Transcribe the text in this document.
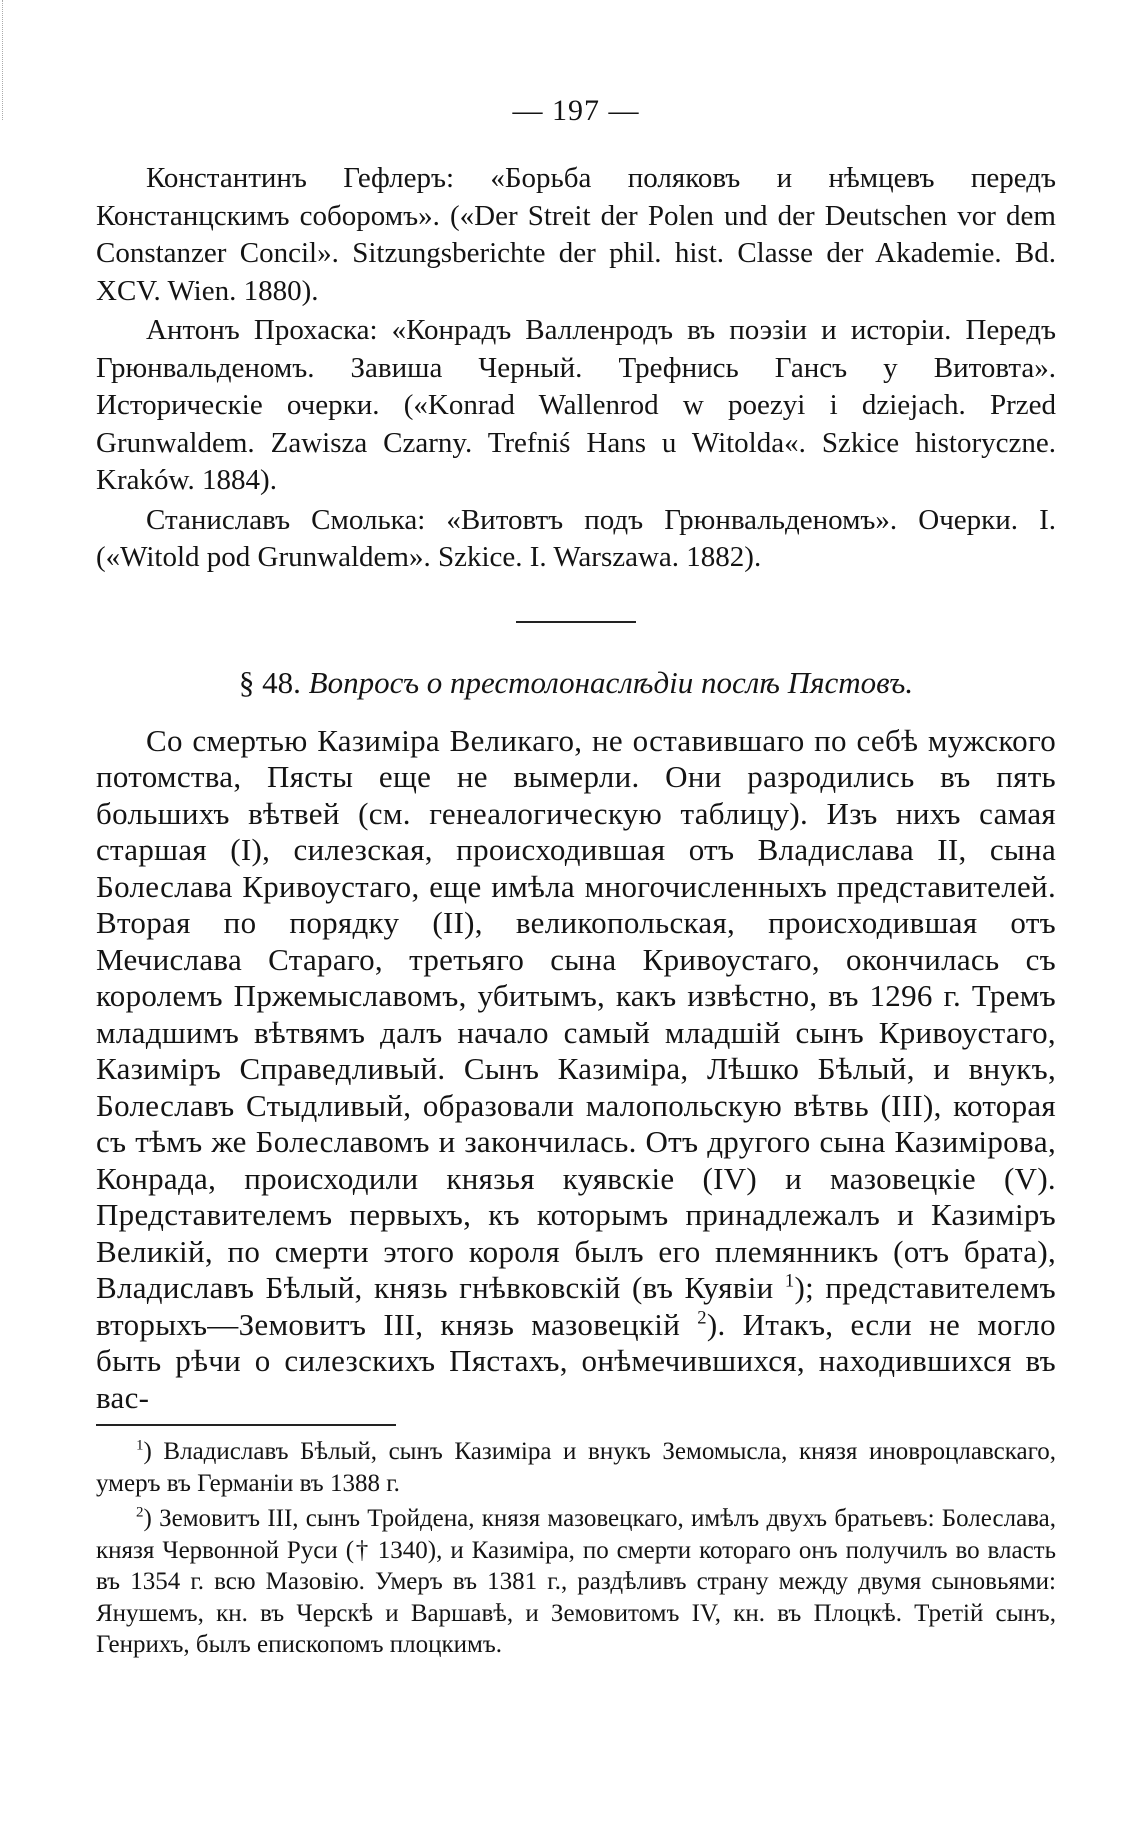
— 197 —

Константинъ Гефлеръ: «Борьба поляковъ и нѣмцевъ передъ Констанцскимъ соборомъ». («Der Streit der Polen und der Deutschen vor dem Constanzer Concil». Sitzungsberichte der phil. hist. Classe der Akademie. Bd. XCV. Wien. 1880).

Антонъ Прохаска: «Конрадъ Валленродъ въ поэзіи и исторіи. Передъ Грюнвальденомъ. Завиша Черный. Трефнись Гансъ у Витовта». Историческіе очерки. («Konrad Wallenrod w poezyi i dziejach. Przed Grunwaldem. Zawisza Czarny. Trefniś Hans u Witolda«. Szkice historyczne. Kraków. 1884).

Станиславъ Смолька: «Витовтъ подъ Грюнвальденомъ». Очерки. I. («Witold pod Grunwaldem». Szkice. I. Warszawa. 1882).

§ 48. Вопросъ о престолонаслѣдіи послѣ Пястовъ.

Со смертью Казиміра Великаго, не оставившаго по себѣ мужского потомства, Пясты еще не вымерли. Они разродились въ пять большихъ вѣтвей (см. генеалогическую таблицу). Изъ нихъ самая старшая (I), силезская, происходившая отъ Владислава II, сына Болеслава Кривоустаго, еще имѣла многочисленныхъ представителей. Вторая по порядку (II), великопольская, происходившая отъ Мечислава Стараго, третьяго сына Кривоустаго, окончилась съ королемъ Пржемыславомъ, убитымъ, какъ извѣстно, въ 1296 г. Тремъ младшимъ вѣтвямъ далъ начало самый младшій сынъ Кривоустаго, Казиміръ Справедливый. Сынъ Казиміра, Лѣшко Бѣлый, и внукъ, Болеславъ Стыдливый, образовали малопольскую вѣтвь (III), которая съ тѣмъ же Болеславомъ и закончилась. Отъ другого сына Казиміровa, Конрада, происходили князья куявскіе (IV) и мазовецкіе (V). Представителемъ первыхъ, къ которымъ принадлежалъ и Казиміръ Великій, по смерти этого короля былъ его племянникъ (отъ брата), Владиславъ Бѣлый, князь гнѣвковскій (въ Куявіи $^1$); представителемъ вторыхъ—Земовитъ III, князь мазовецкій $^2$). Итакъ, если не могло быть рѣчи о силезскихъ Пястахъ, онѣмечившихся, находившихся въ вас-

$^1$) Владиславъ Бѣлый, сынъ Казиміра и внукъ Земомысла, князя иноврoцлавскаго, умеръ въ Германіи въ 1388 г.

$^2$) Земовитъ III, сынъ Тройдена, князя мазовецкаго, имѣлъ двухъ братьевъ: Болеслава, князя Червонной Руси († 1340), и Казиміра, по смерти котораго онъ получилъ во власть въ 1354 г. всю Мазовію. Умеръ въ 1381 г., раздѣливъ страну между двумя сыновьями: Янушемъ, кн. въ Черскѣ и Варшавѣ, и Земовитомъ IV, кн. въ Плоцкѣ. Третій сынъ, Генрихъ, былъ епископомъ плоцкимъ.
